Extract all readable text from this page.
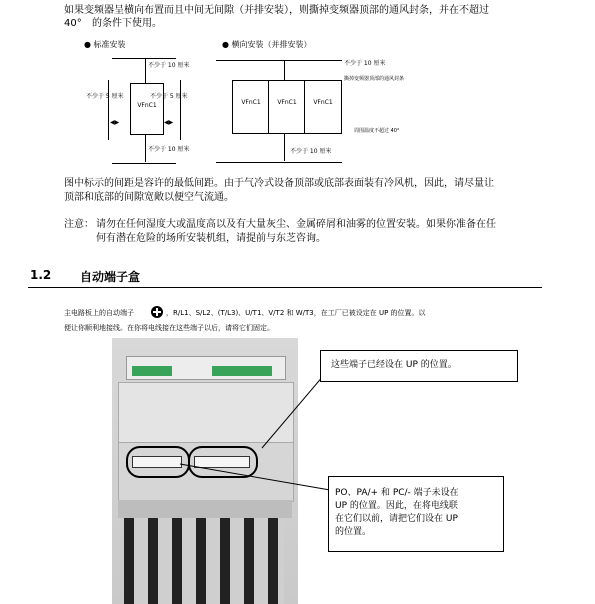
如果变频器呈横向布置而且中间无间隙（并排安装），则撕掉变频器顶部的通风封条，并在不超过
40° 的条件下使用。
● 标准安装
不少于 10 厘米
VFnC1
不少于 5 厘米	不少于 5 厘米
◀▶	◀▶
不少于 10 厘米
● 横向安装（并排安装）
不少于 10 厘米
撕掉变频器顶部的通风封条
VFnC1	VFnC1	VFnC1
周围温度不超过 40°
不少于 10 厘米
图中标示的间距是容许的最低间距。由于气冷式设备顶部或底部表面装有冷风机，因此，请尽量让
顶部和底部的间隙宽敞以便空气流通。
注意： 请勿在任何湿度大或温度高以及有大量灰尘、金属碎屑和油雾的位置安装。如果你准备在任
何有潜在危险的场所安装机组，请提前与东芝咨询。
1.2 自动端子盒
主电路板上的自动端子	，R/L1、S/L2、(T/L3)、U/T1、V/T2 和 W/T3，在工厂已被设定在 UP 的位置。以
便让你顺利地接线。在你将电线接在这些端子以后，请将它们固定。
这些端子已经设在 UP 的位置。
PO、PA/+ 和 PC/- 端子未设在
UP 的位置。因此，在将电线联
在它们以前，请把它们设在 UP
的位置。
